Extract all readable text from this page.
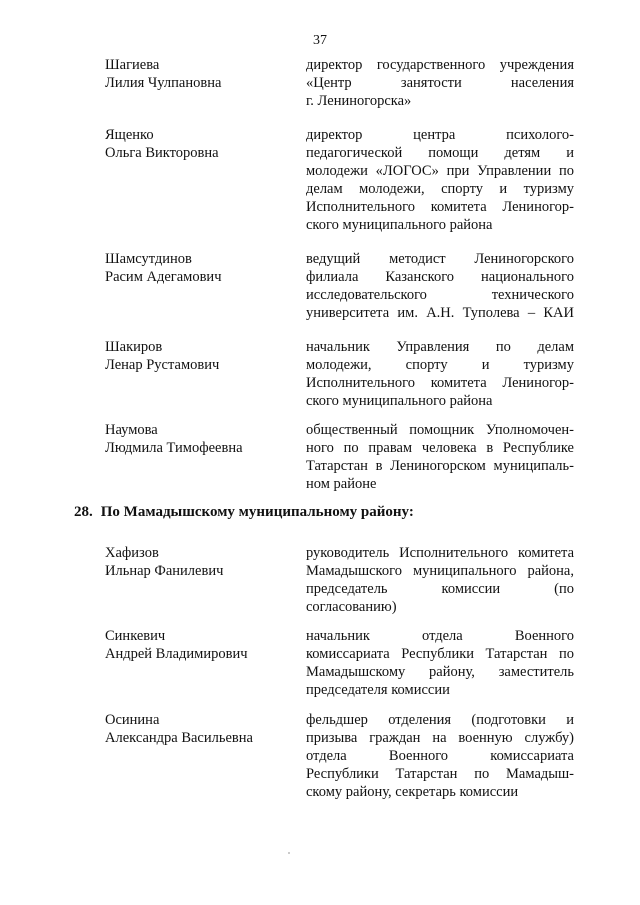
37
Шагиева
Лилия Чулпановна
директор государственного учреждения
«Центр занятости населения
г. Лениногорска»
Ященко
Ольга Викторовна
директор центра психолого-
педагогической помощи детям и
молодежи «ЛОГОС» при Управлении по
делам молодежи, спорту и туризму
Исполнительного комитета Лениногор-
ского муниципального района
Шамсутдинов
Расим Адегамович
ведущий методист Лениногорского
филиала Казанского национального
исследовательского технического
университета им. А.Н. Туполева – КАИ
Шакиров
Ленар Рустамович
начальник Управления по делам
молодежи, спорту и туризму
Исполнительного комитета Лениногор-
ского муниципального района
Наумова
Людмила Тимофеевна
общественный помощник Уполномочен-
ного по правам человека в Республике
Татарстан в Лениногорском муниципаль-
ном районе
28. По Мамадышскому муниципальному району:
Хафизов
Ильнар Фанилевич
руководитель Исполнительного комитета
Мамадышского муниципального района,
председатель комиссии (по
согласованию)
Синкевич
Андрей Владимирович
начальник отдела Военного
комиссариата Республики Татарстан по
Мамадышскому району, заместитель
председателя комиссии
Осинина
Александра Васильевна
фельдшер отделения (подготовки и
призыва граждан на военную службу)
отдела Военного комиссариата
Республики Татарстан по Мамадыш-
скому району, секретарь комиссии
